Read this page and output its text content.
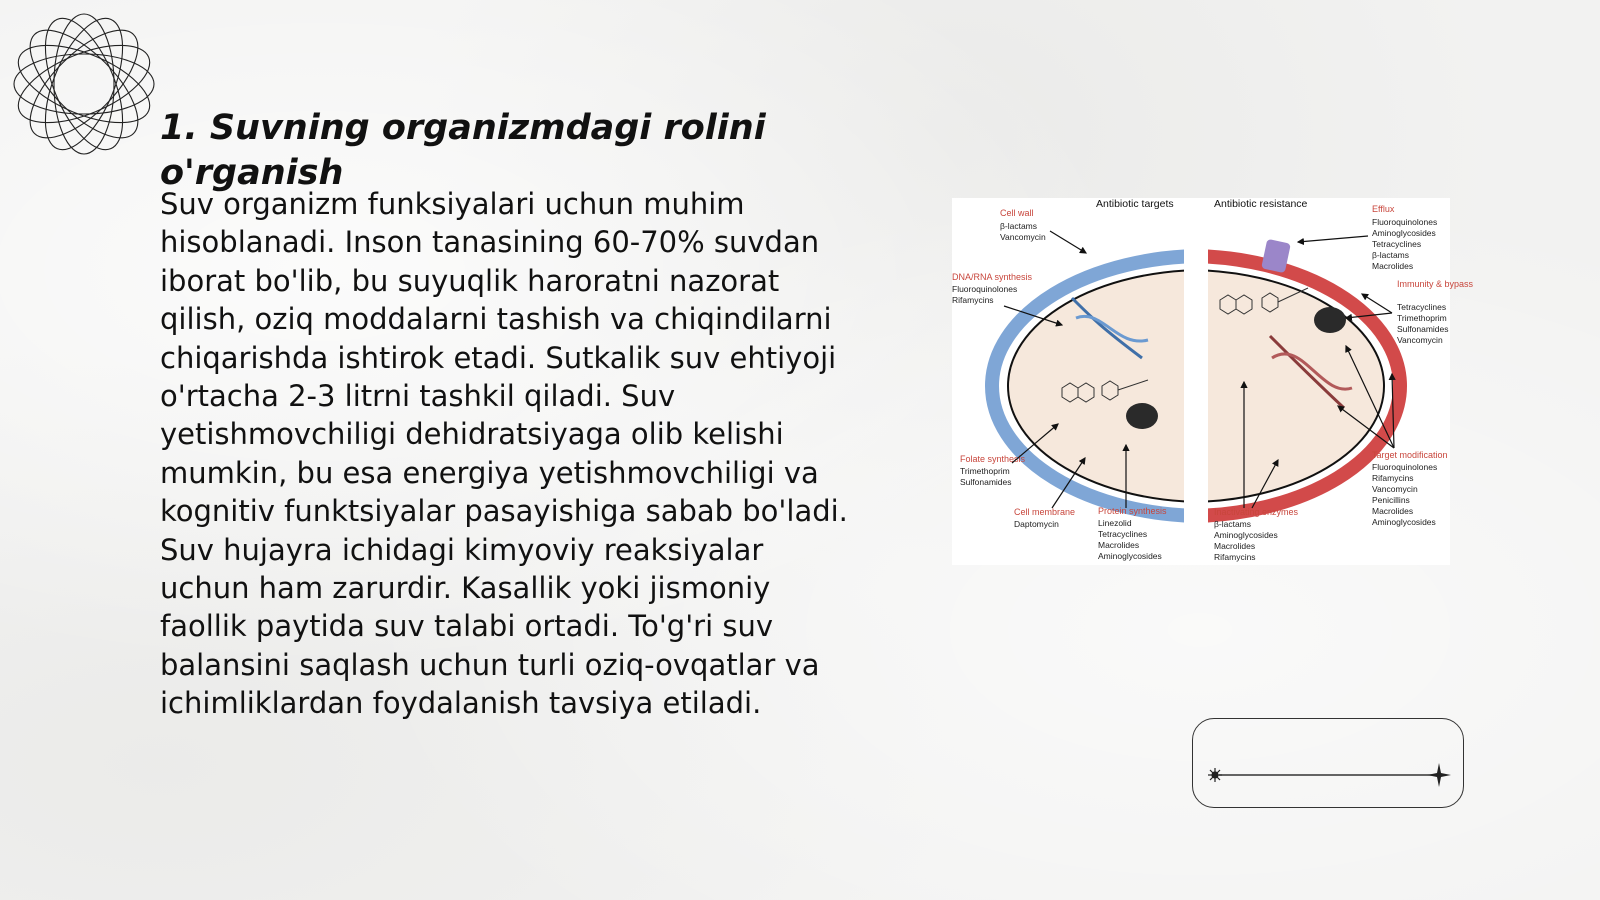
1. Suvning organizmdagi rolini o'rganish

Suv organizm funksiyalari uchun muhim hisoblanadi. Inson tanasining 60-70% suvdan iborat bo'lib, bu suyuqlik haroratni nazorat qilish, oziq moddalarni tashish va chiqindilarni chiqarishda ishtirok etadi. Sutkalik suv ehtiyoji o'rtacha 2-3 litrni tashkil qiladi. Suv yetishmovchiligi dehidratsiyaga olib kelishi mumkin, bu esa energiya yetishmovchiligi va kognitiv funktsiyalar pasayishiga sabab bo'ladi. Suv hujayra ichidagi kimyoviy reaksiyalar uchun ham zarurdir. Kasallik yoki jismoniy faollik paytida suv talabi ortadi. To'g'ri suv balansini saqlash uchun turli oziq-ovqatlar va ichimliklardan foydalanish tavsiya etiladi.

Antibiotic targets	Antibiotic resistance
Cell wall
β-lactams
Vancomycin
DNA/RNA synthesis
Fluoroquinolones
Rifamycins
Folate synthesis
Trimethoprim
Sulfonamides
Cell membrane
Daptomycin
Protein synthesis
Linezolid
Tetracyclines
Macrolides
Aminoglycosides
Efflux
Fluoroquinolones
Aminoglycosides
Tetracyclines
β-lactams
Macrolides
Immunity & bypass
Tetracyclines
Trimethoprim
Sulfonamides
Vancomycin
Target modification
Fluoroquinolones
Rifamycins
Vancomycin
Penicillins
Macrolides
Aminoglycosides
Inactivating enzymes
β-lactams
Aminoglycosides
Macrolides
Rifamycins
